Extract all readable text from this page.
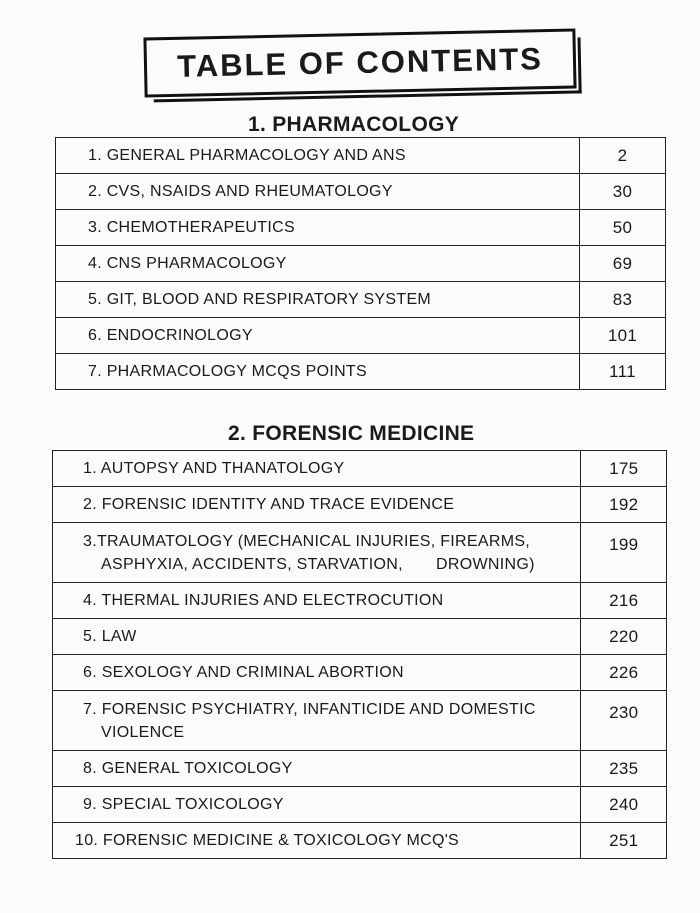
TABLE OF CONTENTS
1. PHARMACOLOGY
1. GENERAL PHARMACOLOGY AND ANS	2
2. CVS, NSAIDS AND RHEUMATOLOGY	30
3. CHEMOTHERAPEUTICS	50
4. CNS PHARMACOLOGY	69
5. GIT, BLOOD AND RESPIRATORY SYSTEM	83
6. ENDOCRINOLOGY	101
7. PHARMACOLOGY MCQS POINTS	111
2. FORENSIC MEDICINE
1. AUTOPSY AND THANATOLOGY	175
2. FORENSIC IDENTITY AND TRACE EVIDENCE	192

3.TRAUMATOLOGY (MECHANICAL INJURIES, FIREARMS,
ASPHYXIA, ACCIDENTS, STARVATION,       DROWNING)	199
4. THERMAL INJURIES AND ELECTROCUTION	216
5. LAW	220
6. SEXOLOGY AND CRIMINAL ABORTION	226

7. FORENSIC PSYCHIATRY, INFANTICIDE AND DOMESTIC
VIOLENCE	230
8. GENERAL TOXICOLOGY	235
9. SPECIAL TOXICOLOGY	240
10. FORENSIC MEDICINE & TOXICOLOGY MCQ'S	251
